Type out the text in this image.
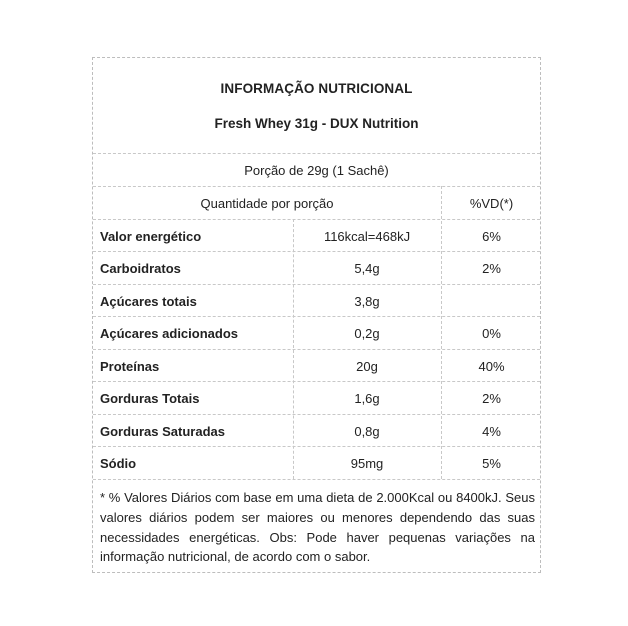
INFORMAÇÃO NUTRICIONAL
Fresh Whey 31g - DUX Nutrition
Porção de 29g (1 Sachê)
Quantidade por porção	%VD(*)
Valor energético	116kcal=468kJ	6%
Carboidratos	5,4g	2%
Açúcares totais	3,8g
Açúcares adicionados	0,2g	0%
Proteínas	20g	40%
Gorduras Totais	1,6g	2%
Gorduras Saturadas	0,8g	4%
Sódio	95mg	5%
* % Valores Diários com base em uma dieta de 2.000Kcal ou 8400kJ. Seus valores diários podem ser maiores ou menores dependendo das suas necessidades energéticas. Obs: Pode haver pequenas variações na informação nutricional, de acordo com o sabor.
